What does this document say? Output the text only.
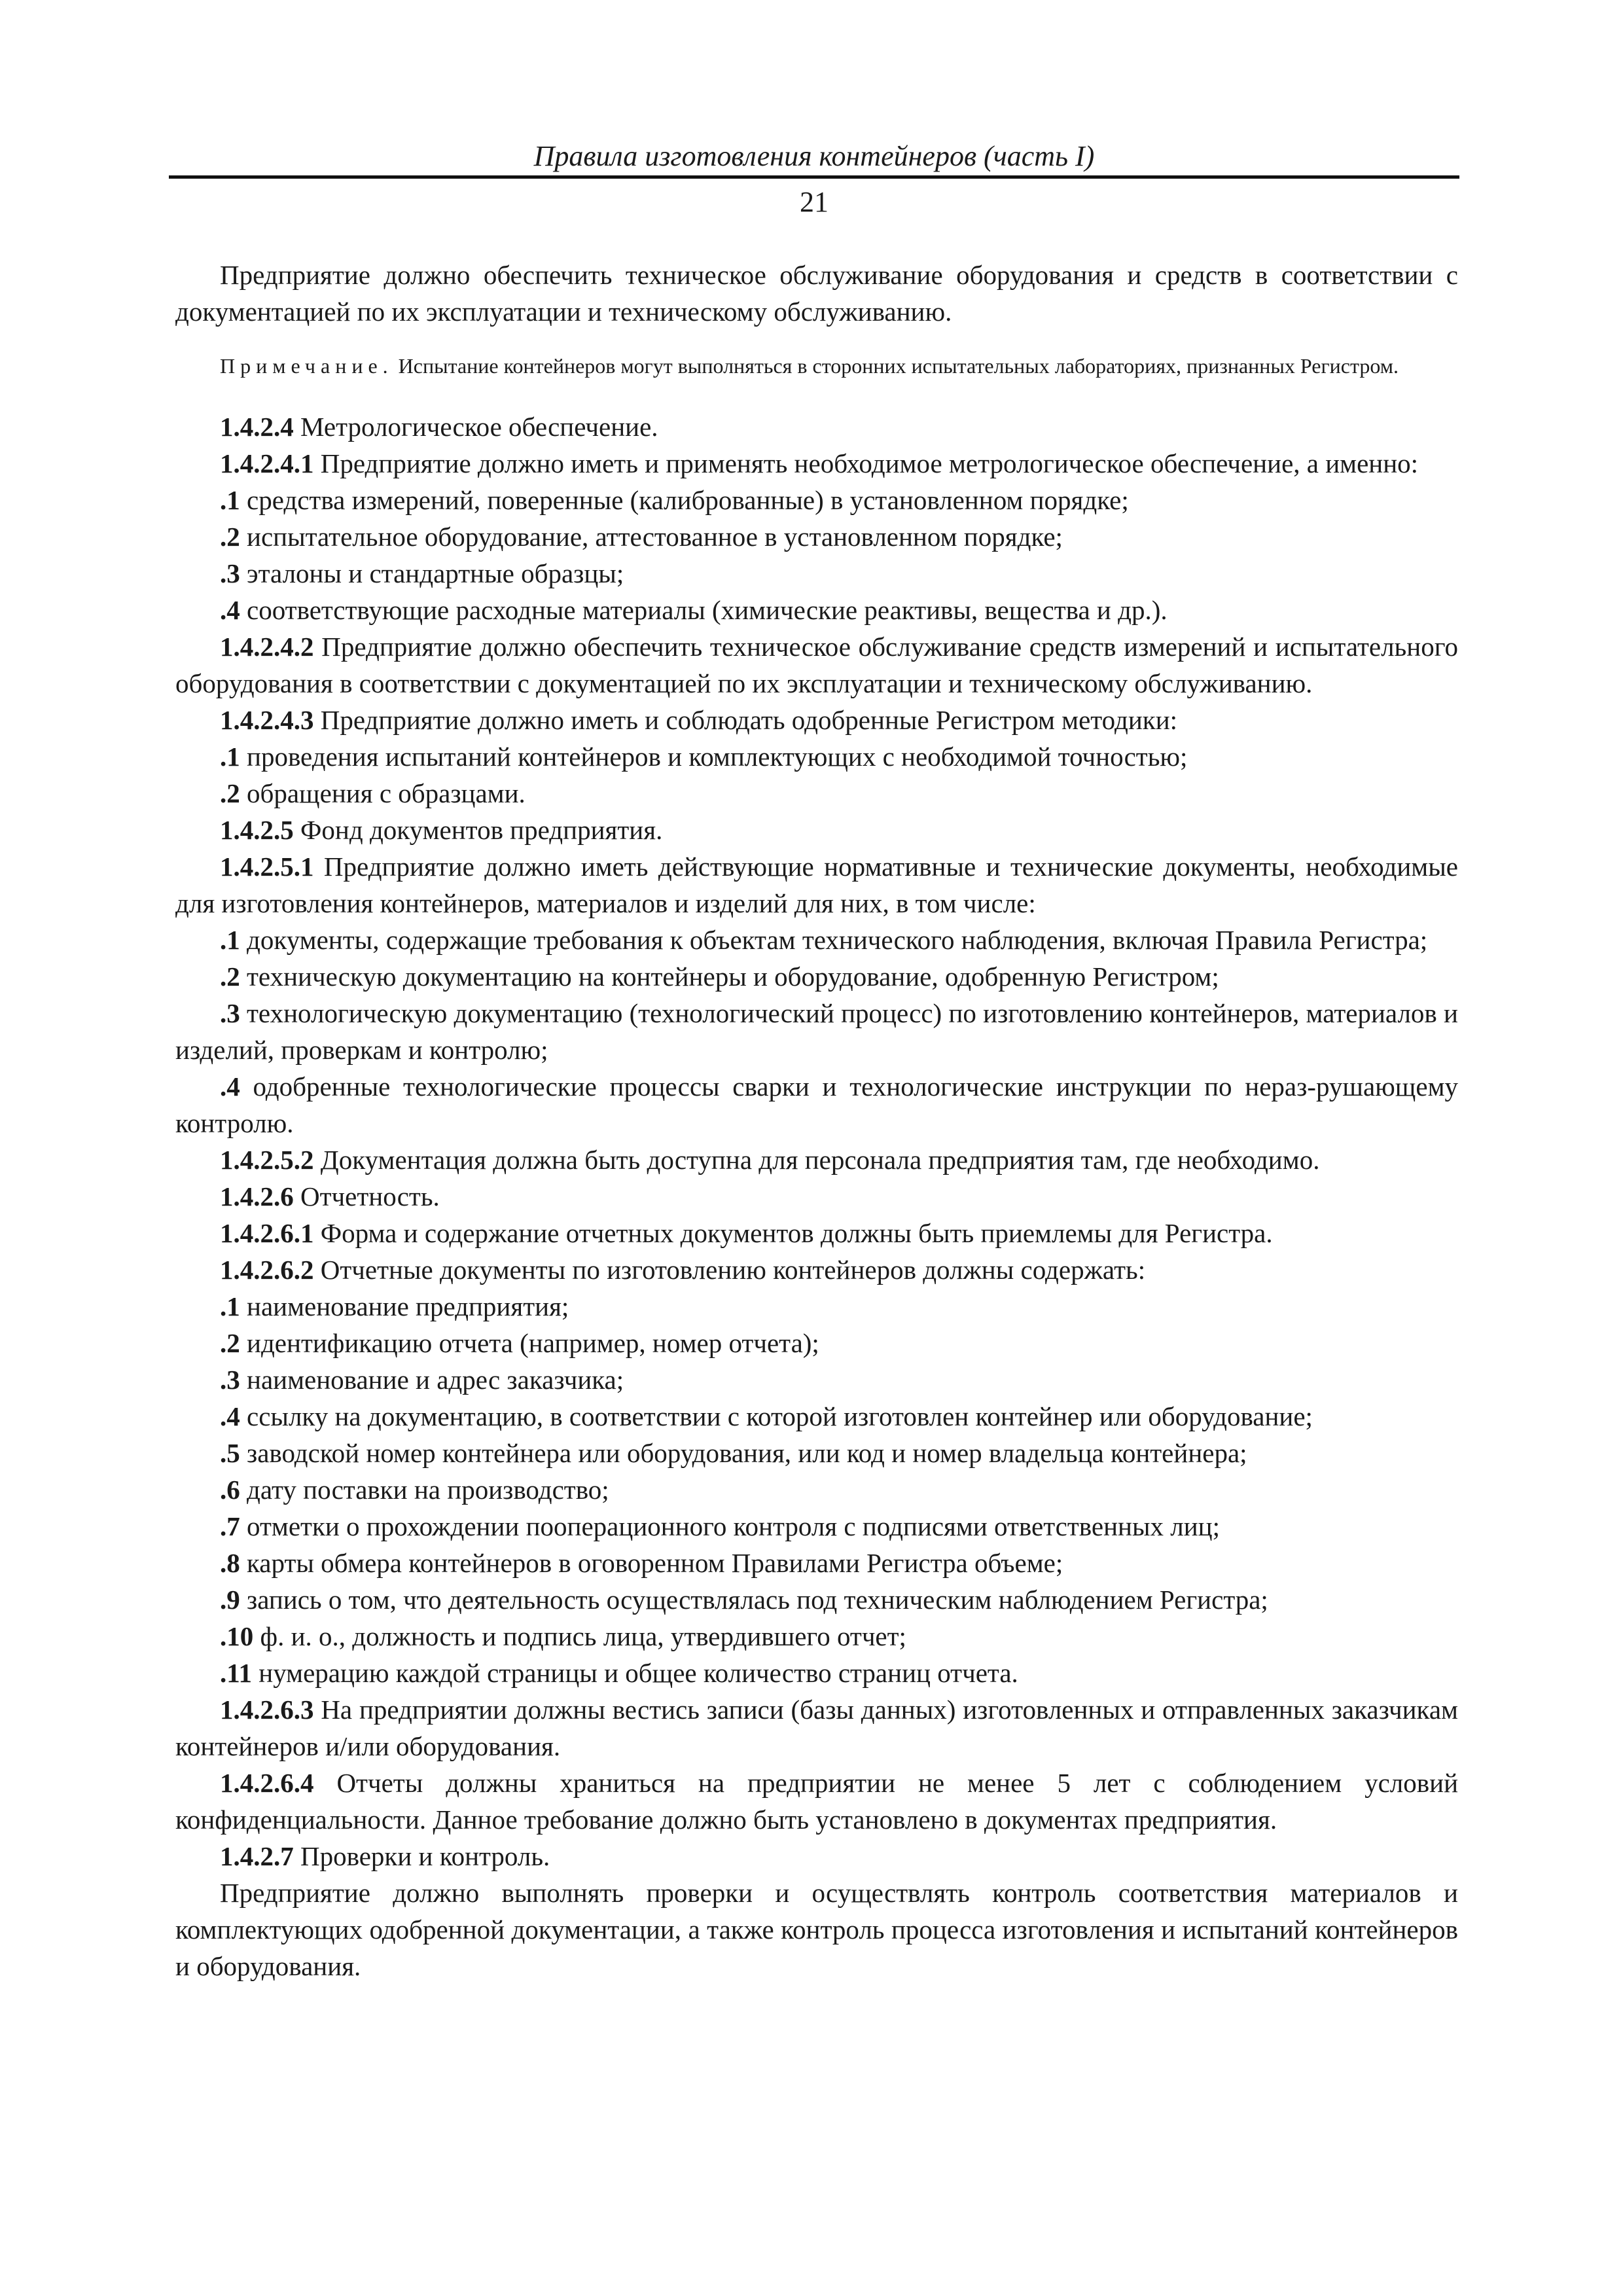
Правила изготовления контейнеров (часть I)
21

Предприятие должно обеспечить техническое обслуживание оборудования и средств в соответствии с документацией по их эксплуатации и техническому обслуживанию.

Примечание. Испытание контейнеров могут выполняться в сторонних испытательных лабораториях, признанных Регистром.

1.4.2.4 Метрологическое обеспечение.

1.4.2.4.1 Предприятие должно иметь и применять необходимое метрологическое обеспечение, а именно:

.1 средства измерений, поверенные (калиброванные) в установленном порядке;

.2 испытательное оборудование, аттестованное в установленном порядке;

.3 эталоны и стандартные образцы;

.4 соответствующие расходные материалы (химические реактивы, вещества и др.).

1.4.2.4.2 Предприятие должно обеспечить техническое обслуживание средств измерений и испытательного оборудования в соответствии с документацией по их эксплуатации и техническому обслуживанию.

1.4.2.4.3 Предприятие должно иметь и соблюдать одобренные Регистром методики:

.1 проведения испытаний контейнеров и комплектующих с необходимой точностью;

.2 обращения с образцами.

1.4.2.5 Фонд документов предприятия.

1.4.2.5.1 Предприятие должно иметь действующие нормативные и технические документы, необходимые для изготовления контейнеров, материалов и изделий для них, в том числе:

.1 документы, содержащие требования к объектам технического наблюдения, включая Правила Регистра;

.2 техническую документацию на контейнеры и оборудование, одобренную Регистром;

.3 технологическую документацию (технологический процесс) по изготовлению контейнеров, материалов и изделий, проверкам и контролю;

.4 одобренные технологические процессы сварки и технологические инструкции по нераз-рушающему контролю.

1.4.2.5.2 Документация должна быть доступна для персонала предприятия там, где необходимо.

1.4.2.6 Отчетность.

1.4.2.6.1 Форма и содержание отчетных документов должны быть приемлемы для Регистра.

1.4.2.6.2 Отчетные документы по изготовлению контейнеров должны содержать:

.1 наименование предприятия;

.2 идентификацию отчета (например, номер отчета);

.3 наименование и адрес заказчика;

.4 ссылку на документацию, в соответствии с которой изготовлен контейнер или оборудование;

.5 заводской номер контейнера или оборудования, или код и номер владельца контейнера;

.6 дату поставки на производство;

.7 отметки о прохождении пооперационного контроля с подписями ответственных лиц;

.8 карты обмера контейнеров в оговоренном Правилами Регистра объеме;

.9 запись о том, что деятельность осуществлялась под техническим наблюдением Регистра;

.10 ф. и. о., должность и подпись лица, утвердившего отчет;

.11 нумерацию каждой страницы и общее количество страниц отчета.

1.4.2.6.3 На предприятии должны вестись записи (базы данных) изготовленных и отправленных заказчикам контейнеров и/или оборудования.

1.4.2.6.4 Отчеты должны храниться на предприятии не менее 5 лет с соблюдением условий конфиденциальности. Данное требование должно быть установлено в документах предприятия.

1.4.2.7 Проверки и контроль.

Предприятие должно выполнять проверки и осуществлять контроль соответствия материалов и комплектующих одобренной документации, а также контроль процесса изготовления и испытаний контейнеров и оборудования.
